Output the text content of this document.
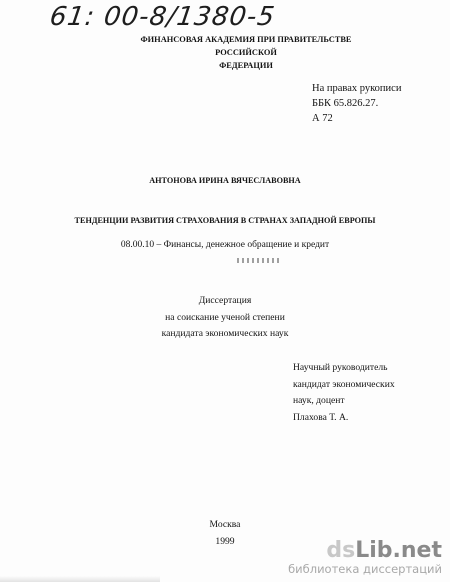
61: 00-8/1380-5
ФИНАНСОВАЯ АКАДЕМИЯ ПРИ ПРАВИТЕЛЬСТВЕ РОССИЙСКОЙ
ФЕДЕРАЦИИ
На правах рукописи
ББК 65.826.27.
А 72
АНТОНОВА ИРИНА ВЯЧЕСЛАВОВНА
ТЕНДЕНЦИИ РАЗВИТИЯ СТРАХОВАНИЯ В СТРАНАХ ЗАПАДНОЙ ЕВРОПЫ
08.00.10 – Финансы, денежное обращение и кредит
Диссертация
на соискание ученой степени
кандидата экономических наук
Научный руководитель
кандидат экономических
наук, доцент
Плахова Т. А.
Москва
1999	dsLib.net
библиотека диссертаций
